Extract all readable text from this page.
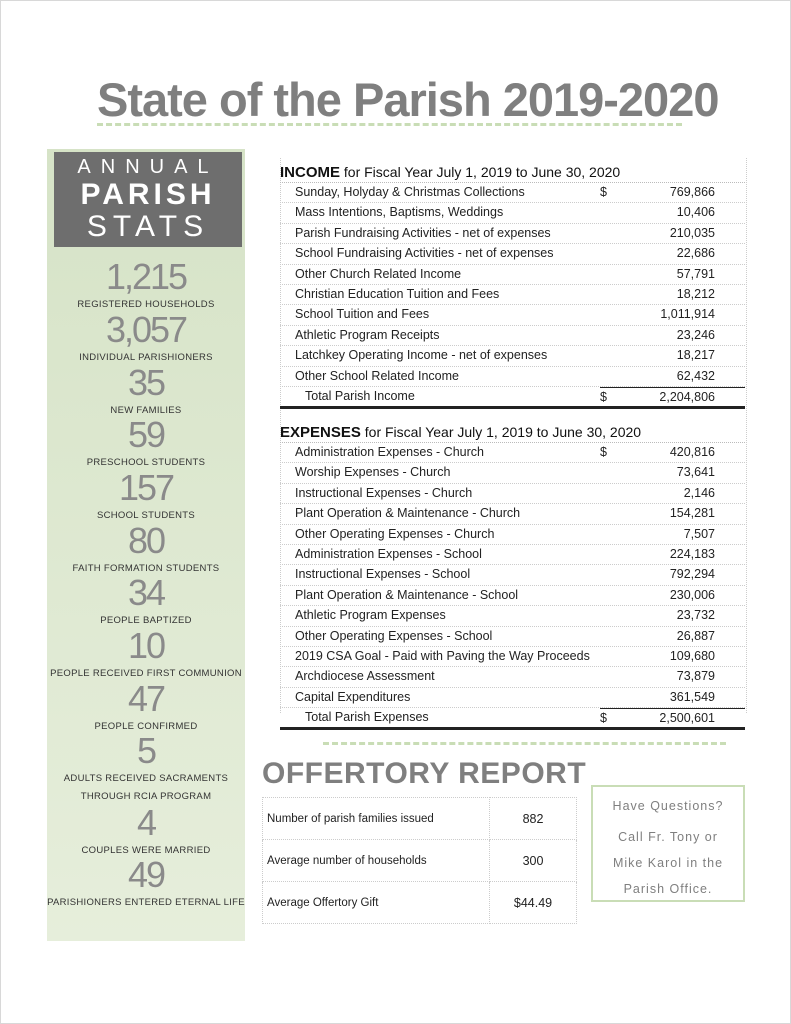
State of the Parish 2019-2020
ANNUAL
PARISH
STATS
1,215
REGISTERED HOUSEHOLDS
3,057
INDIVIDUAL PARISHIONERS
35
NEW FAMILIES
59
PRESCHOOL STUDENTS
157
SCHOOL STUDENTS
80
FAITH FORMATION STUDENTS
34
PEOPLE BAPTIZED
10
PEOPLE RECEIVED FIRST COMMUNION
47
PEOPLE CONFIRMED
5
ADULTS RECEIVED SACRAMENTS
THROUGH RCIA PROGRAM
4
COUPLES WERE MARRIED
49
PARISHIONERS ENTERED ETERNAL LIFE
INCOME for Fiscal Year July 1, 2019 to June 30, 2020
Sunday, Holyday & Christmas Collections	$	769,866
Mass Intentions, Baptisms, Weddings	10,406
Parish Fundraising Activities - net of expenses	210,035
School Fundraising Activities - net of expenses	22,686
Other Church Related Income	57,791
Christian Education Tuition and Fees	18,212
School Tuition and Fees	1,011,914
Athletic Program Receipts	23,246
Latchkey Operating Income - net of expenses	18,217
Other School Related Income	62,432
Total Parish Income	$	2,204,806
EXPENSES for Fiscal Year July 1, 2019 to June 30, 2020
Administration Expenses - Church	$	420,816
Worship Expenses - Church	73,641
Instructional Expenses - Church	2,146
Plant Operation & Maintenance - Church	154,281
Other Operating Expenses - Church	7,507
Administration Expenses - School	224,183
Instructional Expenses - School	792,294
Plant Operation & Maintenance - School	230,006
Athletic Program Expenses	23,732
Other Operating Expenses - School	26,887
2019 CSA Goal - Paid with Paving the Way Proceeds	109,680
Archdiocese Assessment	73,879
Capital Expenditures	361,549
Total Parish Expenses	$	2,500,601
OFFERTORY REPORT
Number of parish families issued	882
Average number of households	300
Average Offertory Gift	$44.49
Have Questions?
Call Fr. Tony or
Mike Karol in the
Parish Office.
